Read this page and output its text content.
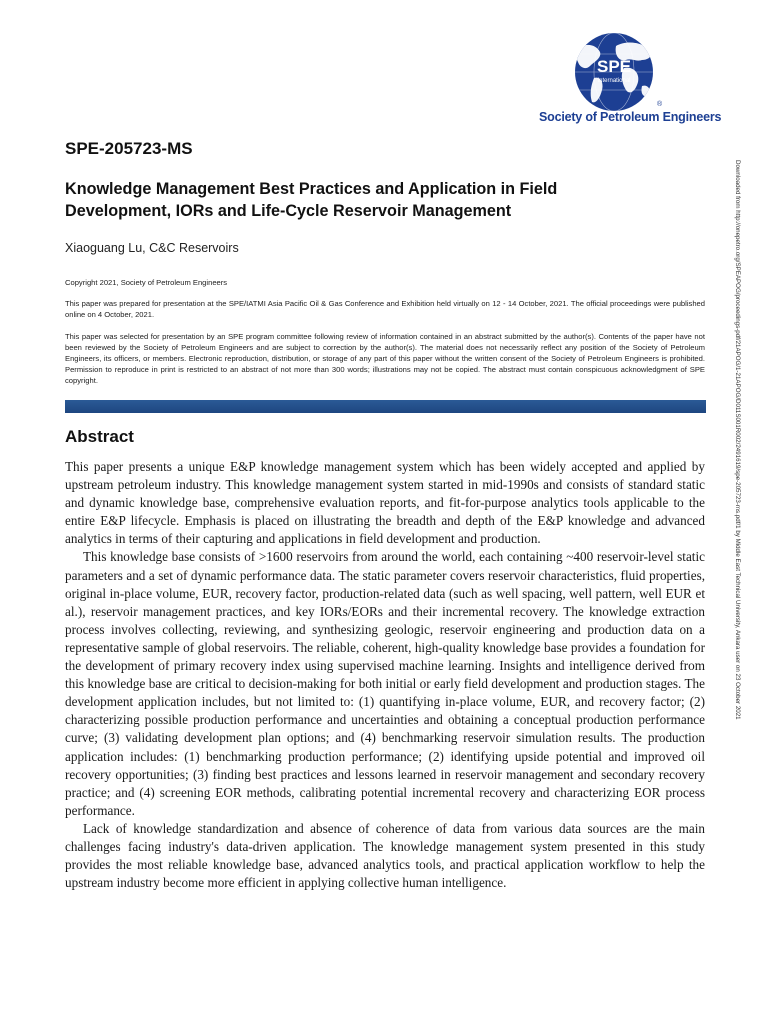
SPE
International
®
Society of Petroleum Engineers
SPE-205723-MS
Knowledge Management Best Practices and Application in Field Development, IORs and Life-Cycle Reservoir Management
Xiaoguang Lu, C&C Reservoirs
Copyright 2021, Society of Petroleum Engineers
This paper was prepared for presentation at the SPE/IATMI Asia Pacific Oil & Gas Conference and Exhibition held virtually on 12 - 14 October, 2021. The official proceedings were published online on 4 October, 2021.
This paper was selected for presentation by an SPE program committee following review of information contained in an abstract submitted by the author(s). Contents of the paper have not been reviewed by the Society of Petroleum Engineers and are subject to correction by the author(s). The material does not necessarily reflect any position of the Society of Petroleum Engineers, its officers, or members. Electronic reproduction, distribution, or storage of any part of this paper without the written consent of the Society of Petroleum Engineers is prohibited. Permission to reproduce in print is restricted to an abstract of not more than 300 words; illustrations may not be copied. The abstract must contain conspicuous acknowledgment of SPE copyright.
Abstract

This paper presents a unique E&P knowledge management system which has been widely accepted and applied by upstream petroleum industry. This knowledge management system started in mid-1990s and consists of standard static and dynamic knowledge base, comprehensive evaluation reports, and fit-for-purpose analytics tools applicable to the entire E&P lifecycle. Emphasis is placed on illustrating the breadth and depth of the E&P knowledge and advanced analytics in terms of their capturing and applications in field development and production.

This knowledge base consists of >1600 reservoirs from around the world, each containing ~400 reservoir-level static parameters and a set of dynamic performance data. The static parameter covers reservoir characteristics, fluid properties, original in-place volume, EUR, recovery factor, production-related data (such as well spacing, well pattern, well EUR et al.), reservoir management practices, and key IORs/EORs and their incremental recovery. The knowledge extraction process involves collecting, reviewing, and synthesizing geologic, reservoir engineering and production data on a representative sample of global reservoirs. The reliable, coherent, high-quality knowledge base provides a foundation for the development of primary recovery index using supervised machine learning. Insights and intelligence derived from this knowledge base are critical to decision-making for both initial or early field development and production stages. The development application includes, but not limited to: (1) quantifying in-place volume, EUR, and recovery factor; (2) characterizing possible production performance and uncertainties and obtaining a conceptual production performance curve; (3) validating development plan options; and (4) benchmarking reservoir simulation results. The production application includes: (1) benchmarking production performance; (2) identifying upside potential and improved oil recovery opportunities; (3) finding best practices and lessons learned in reservoir management and secondary recovery practice; and (4) screening EOR methods, calibrating potential incremental recovery and characterizing EOR process performance.

Lack of knowledge standardization and absence of coherence of data from various data sources are the main challenges facing industry's data-driven application. The knowledge management system presented in this study provides the most reliable knowledge base, advanced analytics tools, and practical application workflow to help the upstream industry become more efficient in applying collective human intelligence.

Downloaded from http://onepetro.org/SPEAPOG/proceedings-pdf/21APOG/1-21APOG/D011S001R002/2491619/spe-205723-ms.pdf/1 by Middle East Technical University, Ankara user on 23 October 2021
